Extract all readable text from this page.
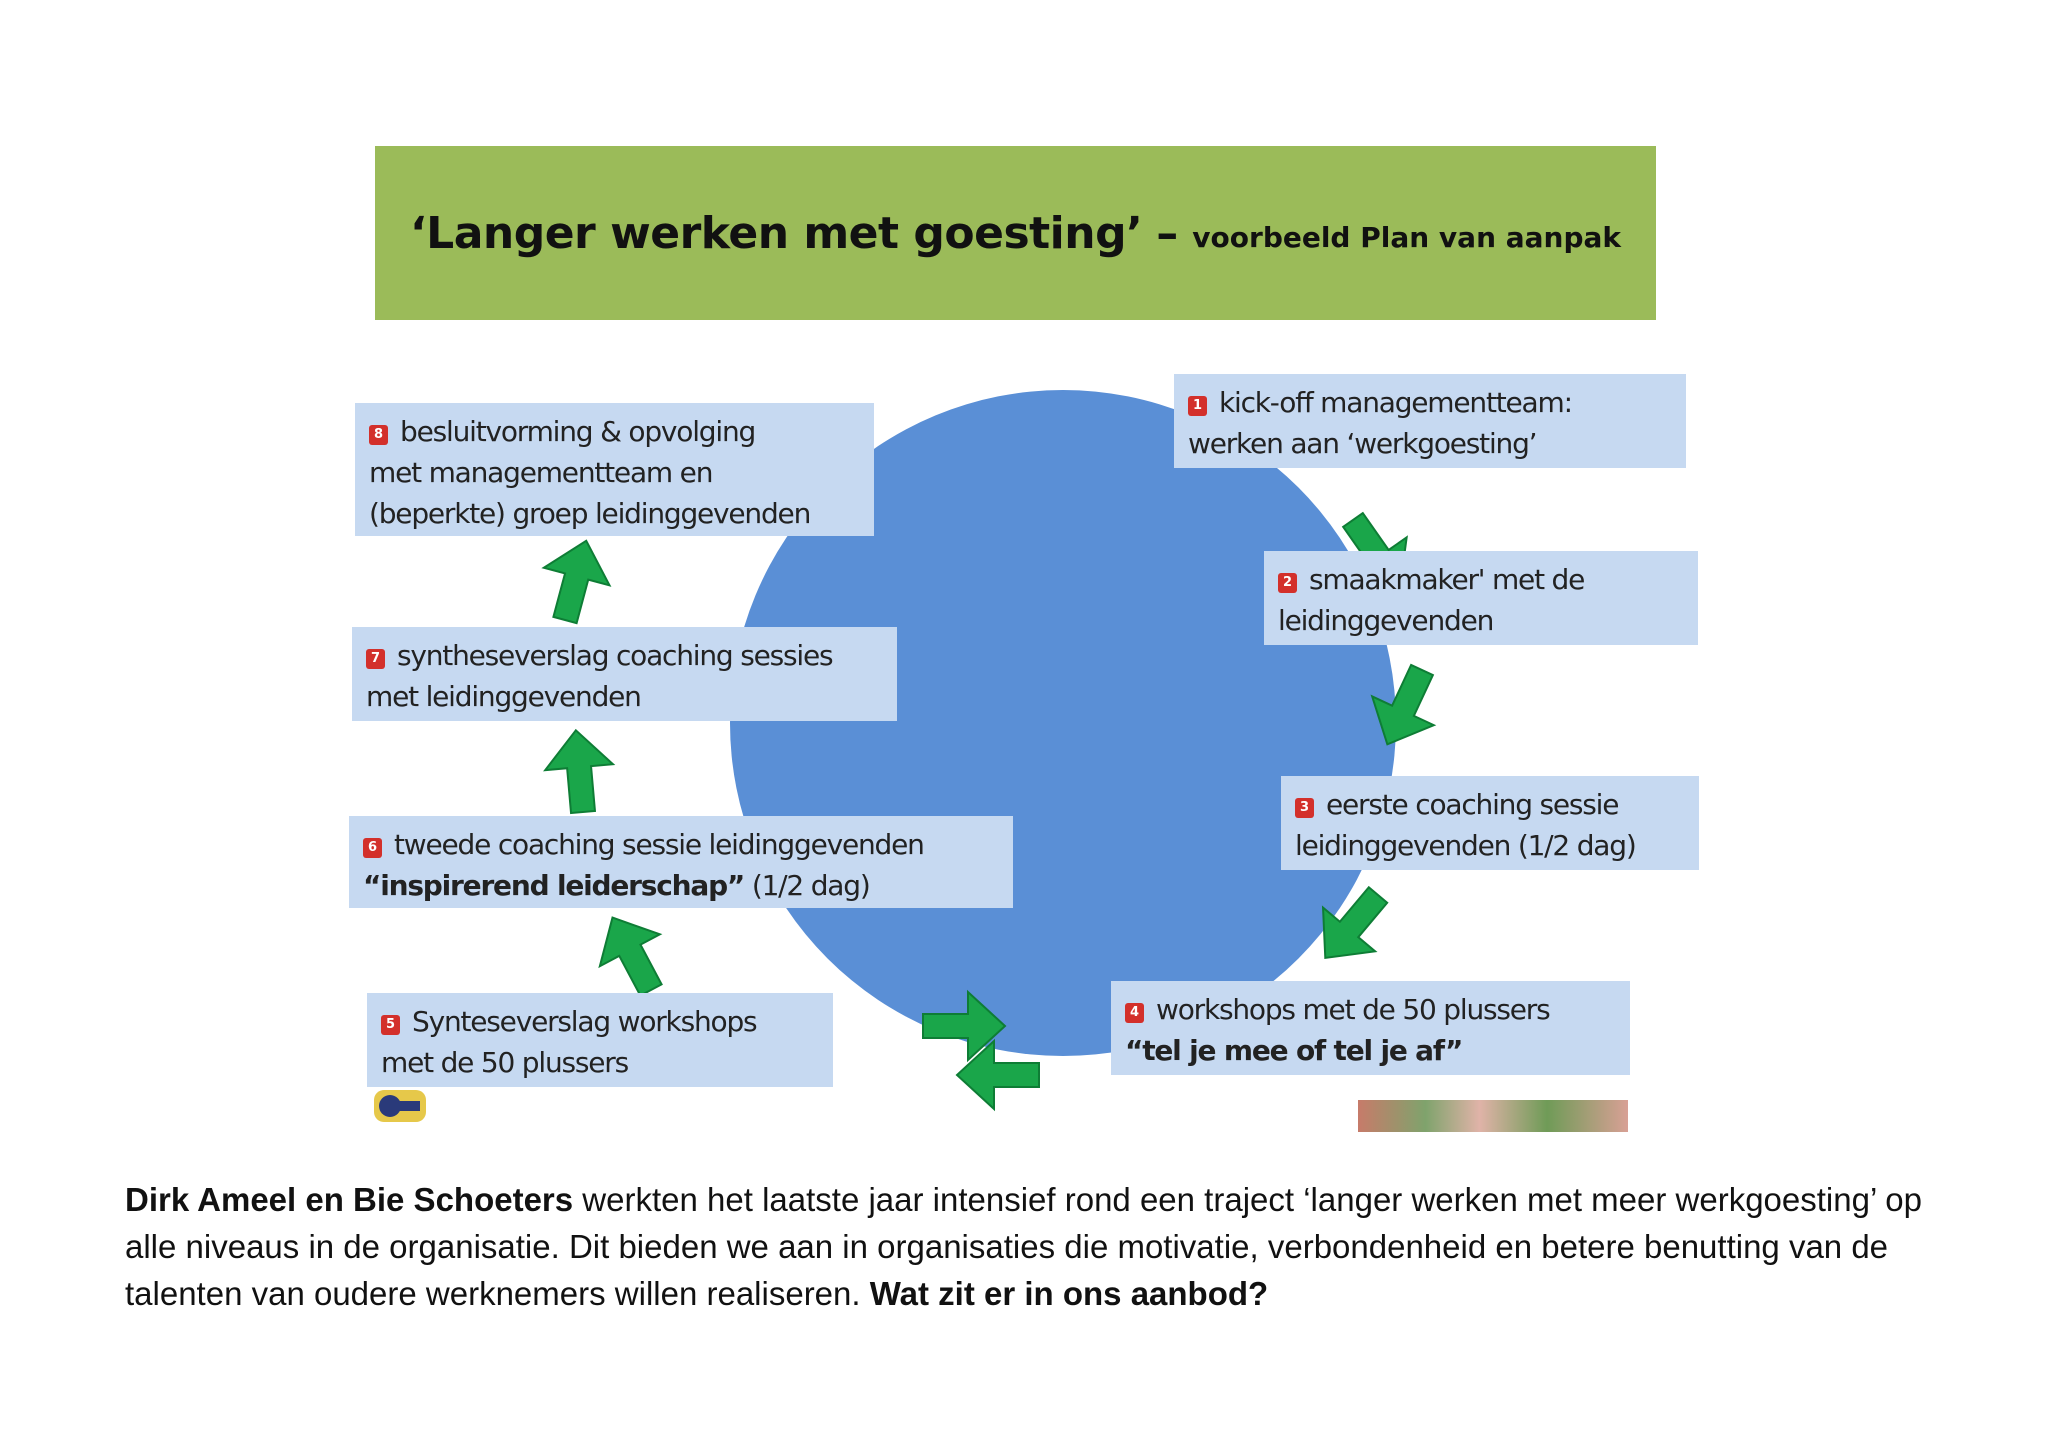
‘Langer werken met goesting’ – voorbeeld Plan van aanpak
1 kick-off managementteam:
werken aan ‘werkgoesting’
2 smaakmaker' met de
leidinggevenden
3 eerste coaching sessie
leidinggevenden (1/2 dag)
4 workshops met de 50 plussers
“tel je mee of tel je af”
5 Synteseverslag workshops
met de 50 plussers
6 tweede coaching sessie leidinggevenden
“inspirerend leiderschap” (1/2 dag)
7 syntheseverslag coaching sessies
met leidinggevenden
8 besluitvorming & opvolging
met managementteam en
(beperkte) groep leidinggevenden
Dirk Ameel en Bie Schoeters werkten het laatste jaar intensief rond een traject ‘langer werken met meer werkgoesting’ op alle niveaus in de organisatie. Dit bieden we aan in organisaties die motivatie, verbondenheid en betere benutting van de talenten van oudere werknemers willen realiseren. Wat zit er in ons aanbod?
